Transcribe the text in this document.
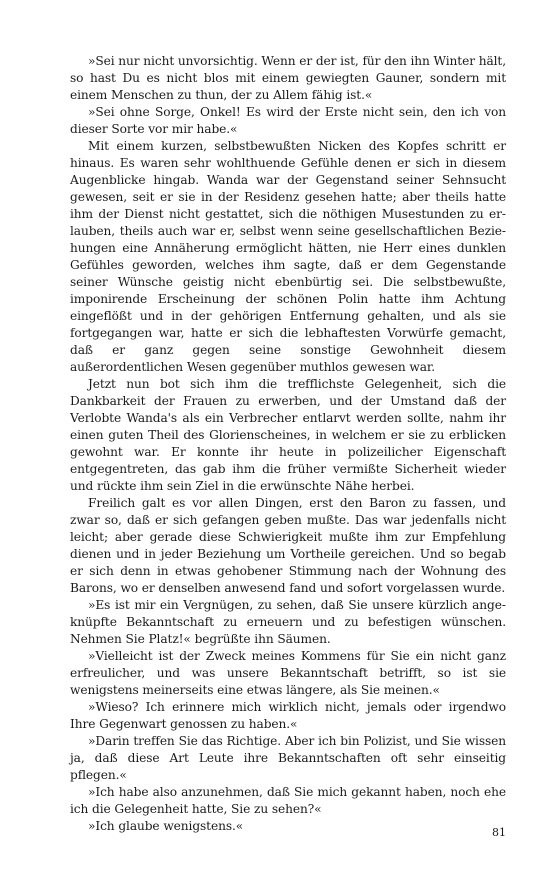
»Sei nur nicht unvorsichtig. Wenn er der ist, für den ihn Winter hält, so hast Du es nicht blos mit einem gewiegten Gauner, sondern mit einem Menschen zu thun, der zu Allem fähig ist.«

»Sei ohne Sorge, Onkel! Es wird der Erste nicht sein, den ich von dieser Sorte vor mir habe.«

Mit einem kurzen, selbstbewußten Nicken des Kopfes schritt er hinaus. Es waren sehr wohlthuende Gefühle denen er sich in diesem Augenblicke hingab. Wanda war der Gegenstand seiner Sehnsucht gewesen, seit er sie in der Residenz gesehen hatte; aber theils hatte ihm der Dienst nicht gestattet, sich die nöthigen Musestunden zu erlauben, theils auch war er, selbst wenn seine gesellschaftlichen Beziehungen eine Annäherung ermöglicht hätten, nie Herr eines dunklen Gefühles geworden, welches ihm sagte, daß er dem Gegenstande seiner Wünsche geistig nicht ebenbürtig sei. Die selbstbewußte, imponirende Erscheinung der schönen Polin hatte ihm Achtung eingeflößt und in der gehörigen Entfernung gehalten, und als sie fortgegangen war, hatte er sich die lebhaftesten Vorwürfe gemacht, daß er ganz gegen seine sonstige Gewohnheit diesem außerordentlichen Wesen gegenüber muthlos gewesen war.

Jetzt nun bot sich ihm die trefflichste Gelegenheit, sich die Dankbarkeit der Frauen zu erwerben, und der Umstand daß der Verlobte Wanda's als ein Verbrecher entlarvt werden sollte, nahm ihr einen guten Theil des Glorienscheines, in welchem er sie zu erblicken gewohnt war. Er konnte ihr heute in polizeilicher Eigenschaft entgegentreten, das gab ihm die früher vermißte Sicherheit wieder und rückte ihm sein Ziel in die erwünschte Nähe herbei.

Freilich galt es vor allen Dingen, erst den Baron zu fassen, und zwar so, daß er sich gefangen geben mußte. Das war jedenfalls nicht leicht; aber gerade diese Schwierigkeit mußte ihm zur Empfehlung dienen und in jeder Beziehung um Vortheile gereichen. Und so begab er sich denn in etwas gehobener Stimmung nach der Wohnung des Barons, wo er denselben anwesend fand und sofort vorgelassen wurde.

»Es ist mir ein Vergnügen, zu sehen, daß Sie unsere kürzlich angeknüpfte Bekanntschaft zu erneuern und zu befestigen wünschen. Nehmen Sie Platz!« begrüßte ihn Säumen.

»Vielleicht ist der Zweck meines Kommens für Sie ein nicht ganz erfreulicher, und was unsere Bekanntschaft betrifft, so ist sie wenigstens meinerseits eine etwas längere, als Sie meinen.«

»Wieso? Ich erinnere mich wirklich nicht, jemals oder irgendwo Ihre Gegenwart genossen zu haben.«

»Darin treffen Sie das Richtige. Aber ich bin Polizist, und Sie wissen ja, daß diese Art Leute ihre Bekanntschaften oft sehr einseitig pflegen.«

»Ich habe also anzunehmen, daß Sie mich gekannt haben, noch ehe ich die Gelegenheit hatte, Sie zu sehen?«

»Ich glaube wenigstens.«	81
